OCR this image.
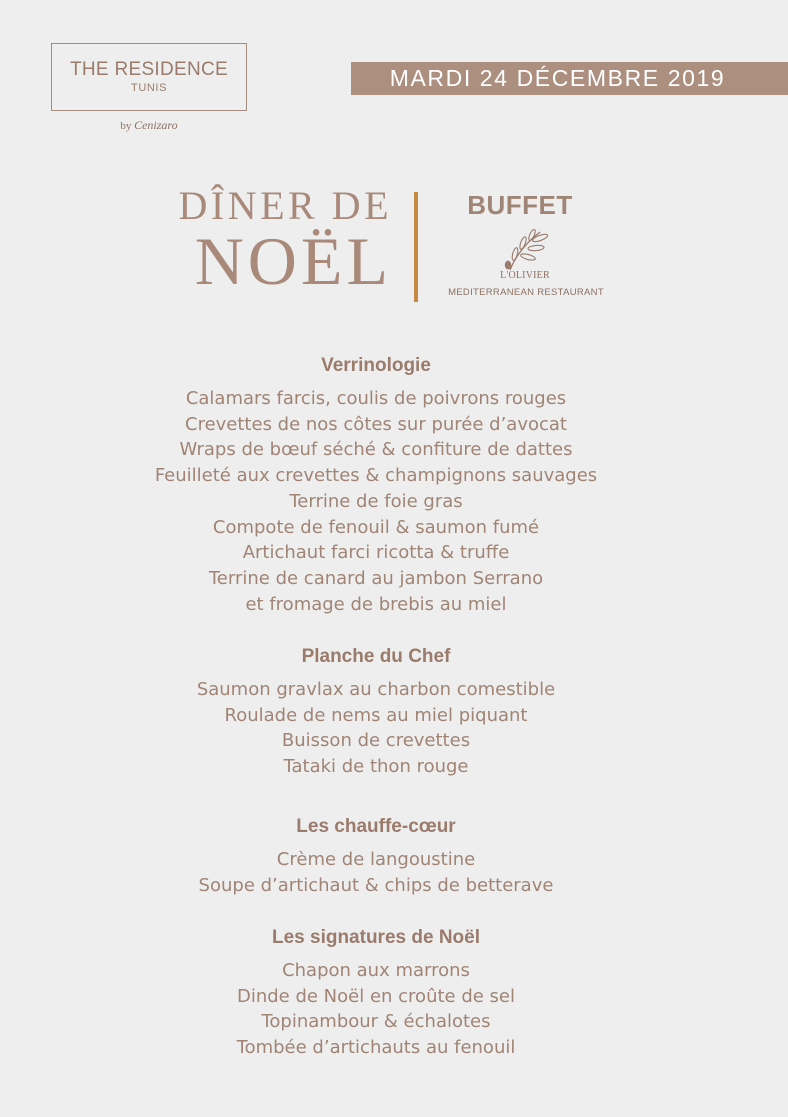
THE RESIDENCE
TUNIS
by Cenizaro
MARDI 24 DÉCEMBRE 2019
DÎNER DE
NOËL
BUFFET
L'OLIVIER
MEDITERRANEAN RESTAURANT
Verrinologie
Calamars farcis, coulis de poivrons rouges
Crevettes de nos côtes sur purée d’avocat
Wraps de bœuf séché & confiture de dattes
Feuilleté aux crevettes & champignons sauvages
Terrine de foie gras
Compote de fenouil & saumon fumé
Artichaut farci ricotta & truffe
Terrine de canard au jambon Serrano
et fromage de brebis au miel
Planche du Chef
Saumon gravlax au charbon comestible
Roulade de nems au miel piquant
Buisson de crevettes
Tataki de thon rouge
Les chauffe-cœur
Crème de langoustine
Soupe d’artichaut & chips de betterave
Les signatures de Noël
Chapon aux marrons
Dinde de Noël en croûte de sel
Topinambour & échalotes
Tombée d’artichauts au fenouil
